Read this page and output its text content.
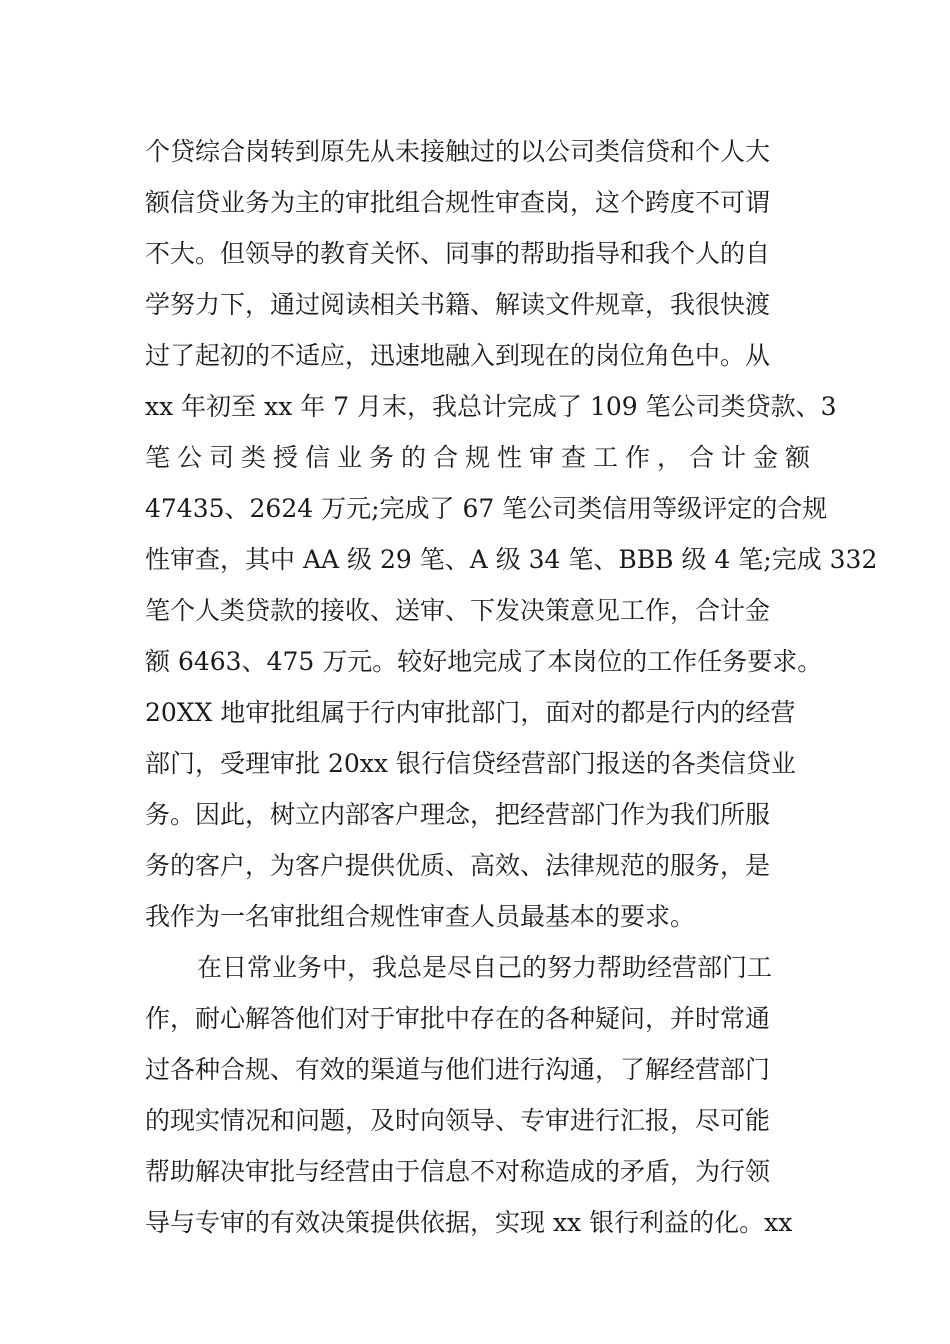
个贷综合岗转到原先从未接触过的以公司类信贷和个人大
额信贷业务为主的审批组合规性审查岗，这个跨度不可谓
不大。但领导的教育关怀、同事的帮助指导和我个人的自
学努力下，通过阅读相关书籍、解读文件规章，我很快渡
过了起初的不适应，迅速地融入到现在的岗位角色中。从
xx 年初至 xx 年 7 月末，我总计完成了 109 笔公司类贷款、3
笔公司类授信业务的合规性审查工作，合计金额
47435、2624 万元;完成了 67 笔公司类信用等级评定的合规
性审查，其中 AA 级 29 笔、A 级 34 笔、BBB 级 4 笔;完成 332
笔个人类贷款的接收、送审、下发决策意见工作，合计金
额 6463、475 万元。较好地完成了本岗位的工作任务要求。
20XX 地审批组属于行内审批部门，面对的都是行内的经营
部门，受理审批 20xx 银行信贷经营部门报送的各类信贷业
务。因此，树立内部客户理念，把经营部门作为我们所服
务的客户，为客户提供优质、高效、法律规范的服务，是
我作为一名审批组合规性审查人员最基本的要求。
在日常业务中，我总是尽自己的努力帮助经营部门工
作，耐心解答他们对于审批中存在的各种疑问，并时常通
过各种合规、有效的渠道与他们进行沟通，了解经营部门
的现实情况和问题，及时向领导、专审进行汇报，尽可能
帮助解决审批与经营由于信息不对称造成的矛盾，为行领
导与专审的有效决策提供依据，实现 xx 银行利益的化。xx
